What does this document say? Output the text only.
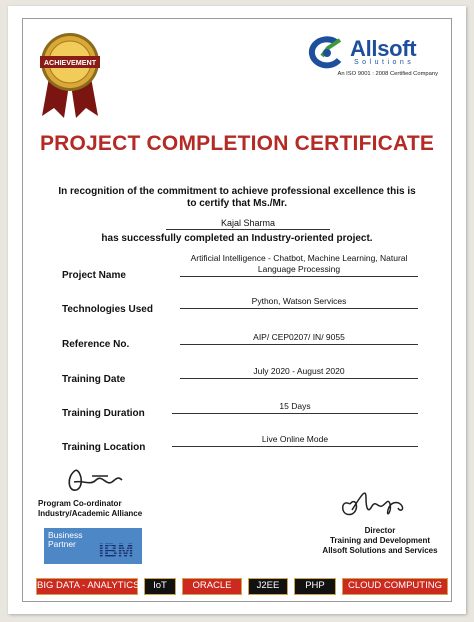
ACHIEVEMENT
Allsoft
Solutions
An ISO 9001 : 2008 Certified Company
PROJECT COMPLETION CERTIFICATE
In recognition of the commitment to achieve professional excellence this is
to certify that Ms./Mr.
Kajal Sharma
has successfully completed an Industry-oriented project.
Project Name
Artificial Intelligence - Chatbot, Machine Learning, Natural
Language Processing
Technologies Used
Python, Watson Services
Reference No.
AIP/ CEP0207/ IN/ 9055
Training Date
July 2020 - August 2020
Training Duration
15 Days
Training Location
Live Online Mode
Program Co-ordinator
Industry/Academic Alliance
Business
Partner	IBM
Director
Training and Development
Allsoft Solutions and Services
BIG DATA - ANALYTICS	IoT	ORACLE	J2EE	PHP	CLOUD COMPUTING
